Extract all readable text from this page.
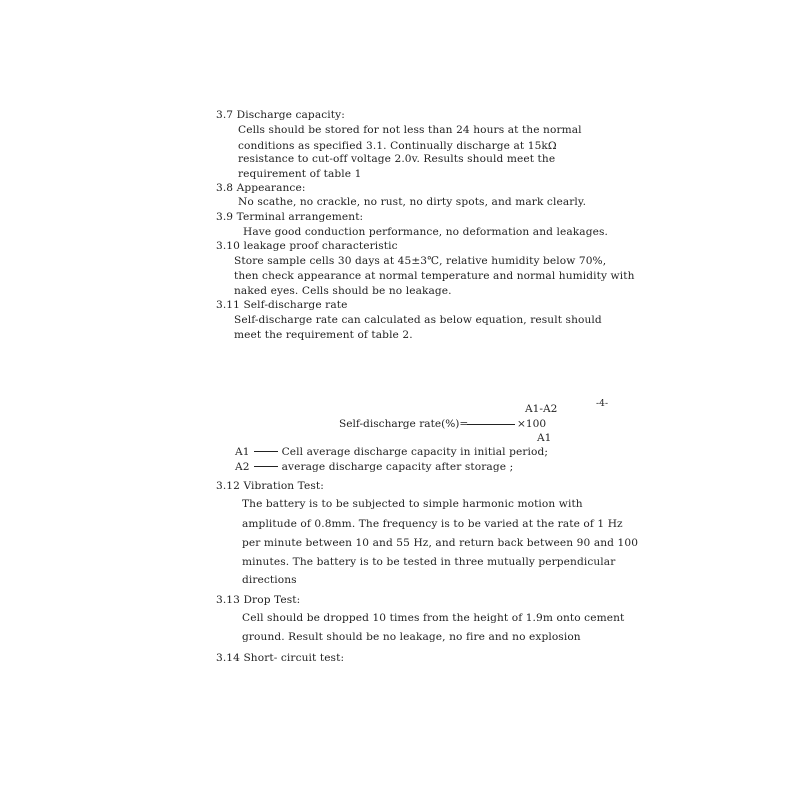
3.7 Discharge capacity:
Cells should be stored for not less than 24 hours at the normal
conditions as specified 3.1. Continually discharge at 15kΩ
resistance to cut-off voltage 2.0v. Results should meet the
requirement of table 1
3.8 Appearance:
No scathe, no crackle, no rust, no dirty spots, and mark clearly.
3.9 Terminal arrangement:
Have good conduction performance, no deformation and leakages.
3.10 leakage proof characteristic
Store sample cells 30 days at 45±3℃, relative humidity below 70%,
then check appearance at normal temperature and normal humidity with
naked eyes. Cells should be no leakage.
3.11 Self-discharge rate
Self-discharge rate can calculated as below equation, result should
meet the requirement of table 2.
-4-
A1-A2
Self-discharge rate(%)=	×100
A1
A1	Cell average discharge capacity in initial period;
A2	average discharge capacity after storage ;
3.12 Vibration Test:
The battery is to be subjected to simple harmonic motion with
amplitude of 0.8mm. The frequency is to be varied at the rate of 1 Hz
per minute between 10 and 55 Hz, and return back between 90 and 100
minutes. The battery is to be tested in three mutually perpendicular
directions
3.13 Drop Test:
Cell should be dropped 10 times from the height of 1.9m onto cement
ground. Result should be no leakage, no fire and no explosion
3.14 Short- circuit test:
